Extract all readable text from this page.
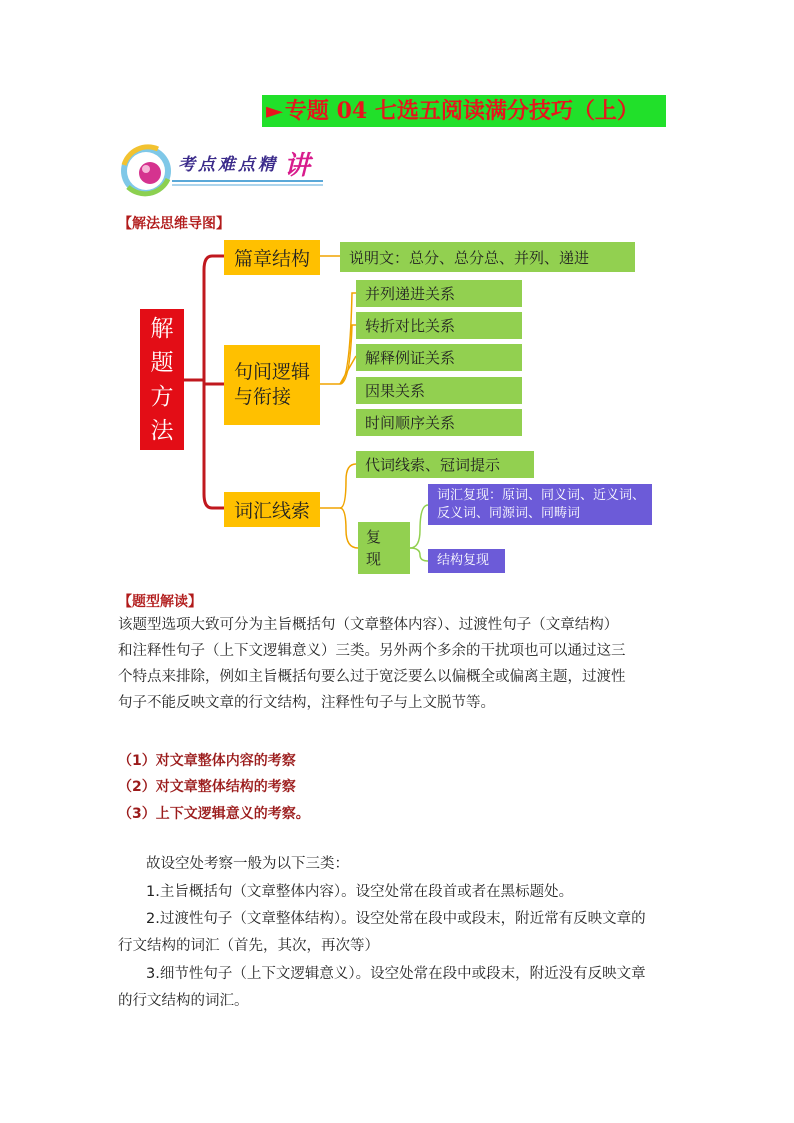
►专题 04 七选五阅读满分技巧（上）
考点难点精 讲
【解法思维导图】
解
题
方
法
篇章结构
句间逻辑与衔接
词汇线索
说明文：总分、总分总、并列、递进
并列递进关系
转折对比关系
解释例证关系
因果关系
时间顺序关系
代词线索、冠词提示
复现
词汇复现：原词、同义词、近义词、反义词、同源词、同畴词
结构复现
【题型解读】
该题型选项大致可分为主旨概括句（文章整体内容）、过渡性句子（文章结构）
和注释性句子（上下文逻辑意义）三类。另外两个多余的干扰项也可以通过这三
个特点来排除，例如主旨概括句要么过于宽泛要么以偏概全或偏离主题，过渡性
句子不能反映文章的行文结构，注释性句子与上文脱节等。
（1）对文章整体内容的考察
（2）对文章整体结构的考察
（3）上下文逻辑意义的考察。
故设空处考察一般为以下三类：
1.主旨概括句（文章整体内容）。设空处常在段首或者在黑标题处。
2.过渡性句子（文章整体结构）。设空处常在段中或段末，附近常有反映文章的
行文结构的词汇（首先，其次，再次等）
3.细节性句子（上下文逻辑意义）。设空处常在段中或段末，附近没有反映文章
的行文结构的词汇。
